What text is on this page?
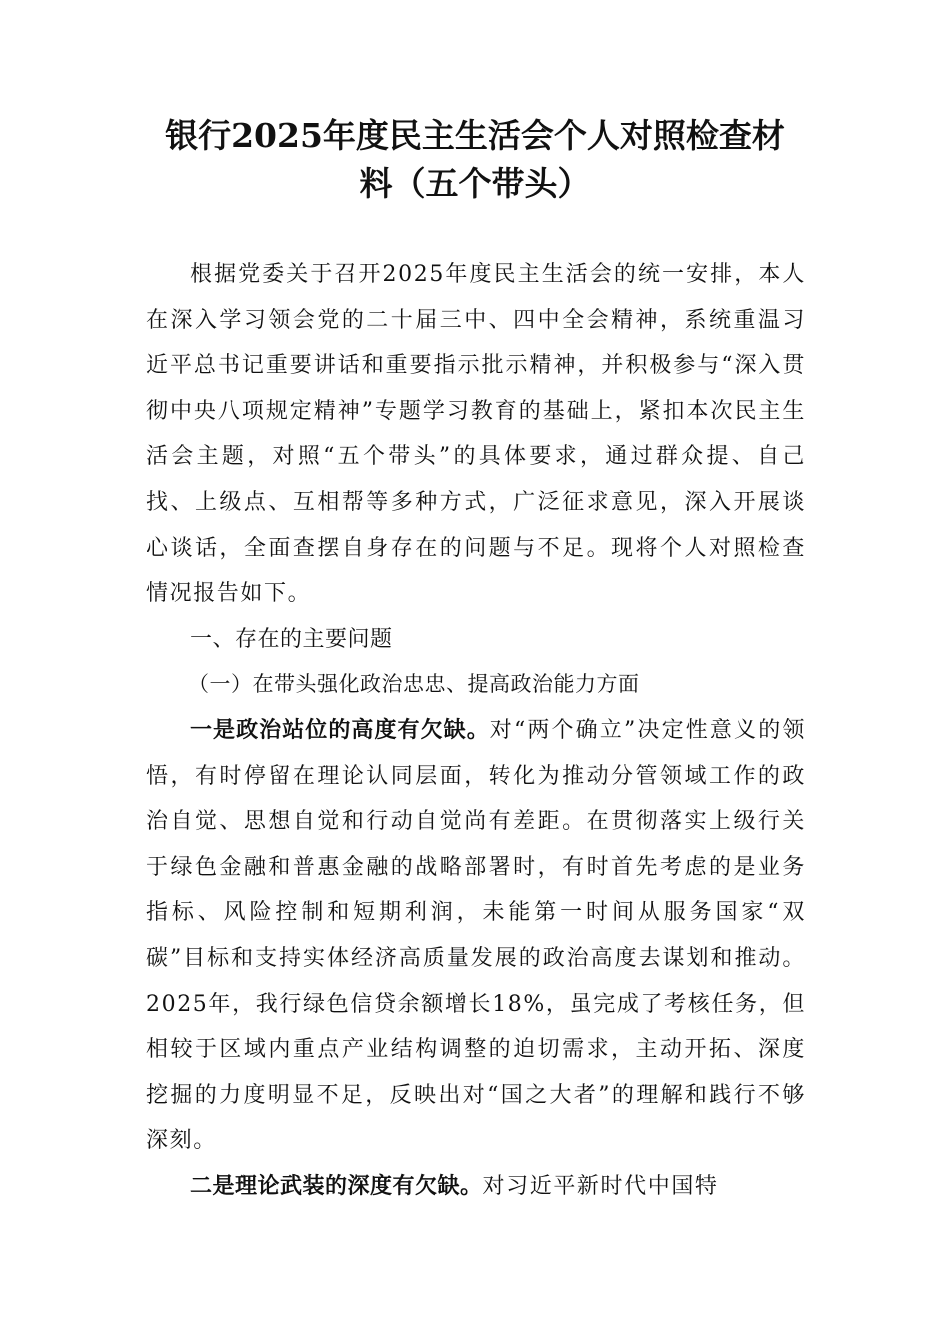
银行2025年度民主生活会个人对照检查材
料（五个带头）

根据党委关于召开2025年度民主生活会的统一安排，本人在深入学习领会党的二十届三中、四中全会精神，系统重温习近平总书记重要讲话和重要指示批示精神，并积极参与“深入贯彻中央八项规定精神”专题学习教育的基础上，紧扣本次民主生活会主题，对照“五个带头”的具体要求，通过群众提、自己找、上级点、互相帮等多种方式，广泛征求意见，深入开展谈心谈话，全面查摆自身存在的问题与不足。现将个人对照检查情况报告如下。

一、存在的主要问题

（一）在带头强化政治忠忠、提高政治能力方面

一是政治站位的高度有欠缺。对“两个确立”决定性意义的领悟，有时停留在理论认同层面，转化为推动分管领域工作的政治自觉、思想自觉和行动自觉尚有差距。在贯彻落实上级行关于绿色金融和普惠金融的战略部署时，有时首先考虑的是业务指标、风险控制和短期利润，未能第一时间从服务国家“双碳”目标和支持实体经济高质量发展的政治高度去谋划和推动。2025年，我行绿色信贷余额增长18%，虽完成了考核任务，但相较于区域内重点产业结构调整的迫切需求，主动开拓、深度挖掘的力度明显不足，反映出对“国之大者”的理解和践行不够深刻。

二是理论武装的深度有欠缺。对习近平新时代中国特
